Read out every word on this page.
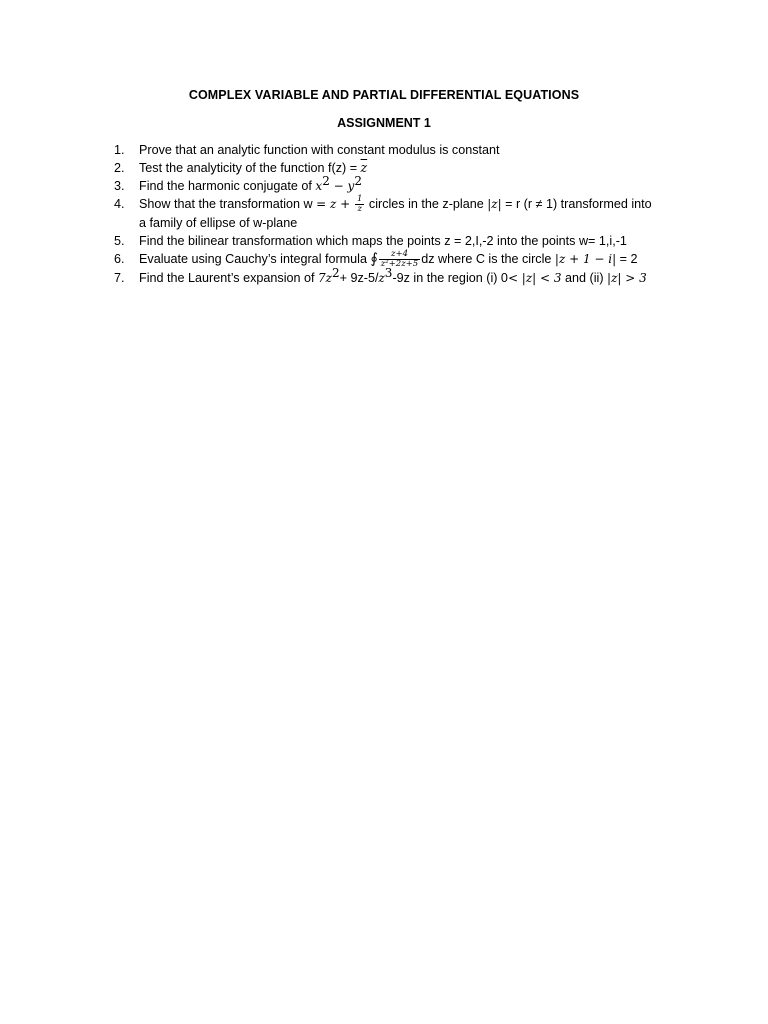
COMPLEX VARIABLE AND PARTIAL DIFFERENTIAL EQUATIONS
ASSIGNMENT 1
1. Prove that an analytic function with constant modulus is constant
2. Test the analyticity of the function $f(z) = \overline{z}$
3. Find the harmonic conjugate of $x^2 - y^2$
4. Show that the transformation $w = z + \frac{1}{z}$ circles in the z-plane |z| = r (r ≠ 1) transformed into
a family of ellipse of w-plane
5. Find the bilinear transformation which maps the points z = 2,I,-2 into the points w= 1,i,-1
6. Evaluate using Cauchy’s integral formula ∮ $\frac{z+4}{\text{z²+2z+5}}$ dz where C is the circle |z + 1 − i| = 2
7. Find the Laurent’s expansion of $7z^2+ 9z-5/z^3-9z$ in the region (i) 0< |z| < 3 and (ii) |z| > 3
